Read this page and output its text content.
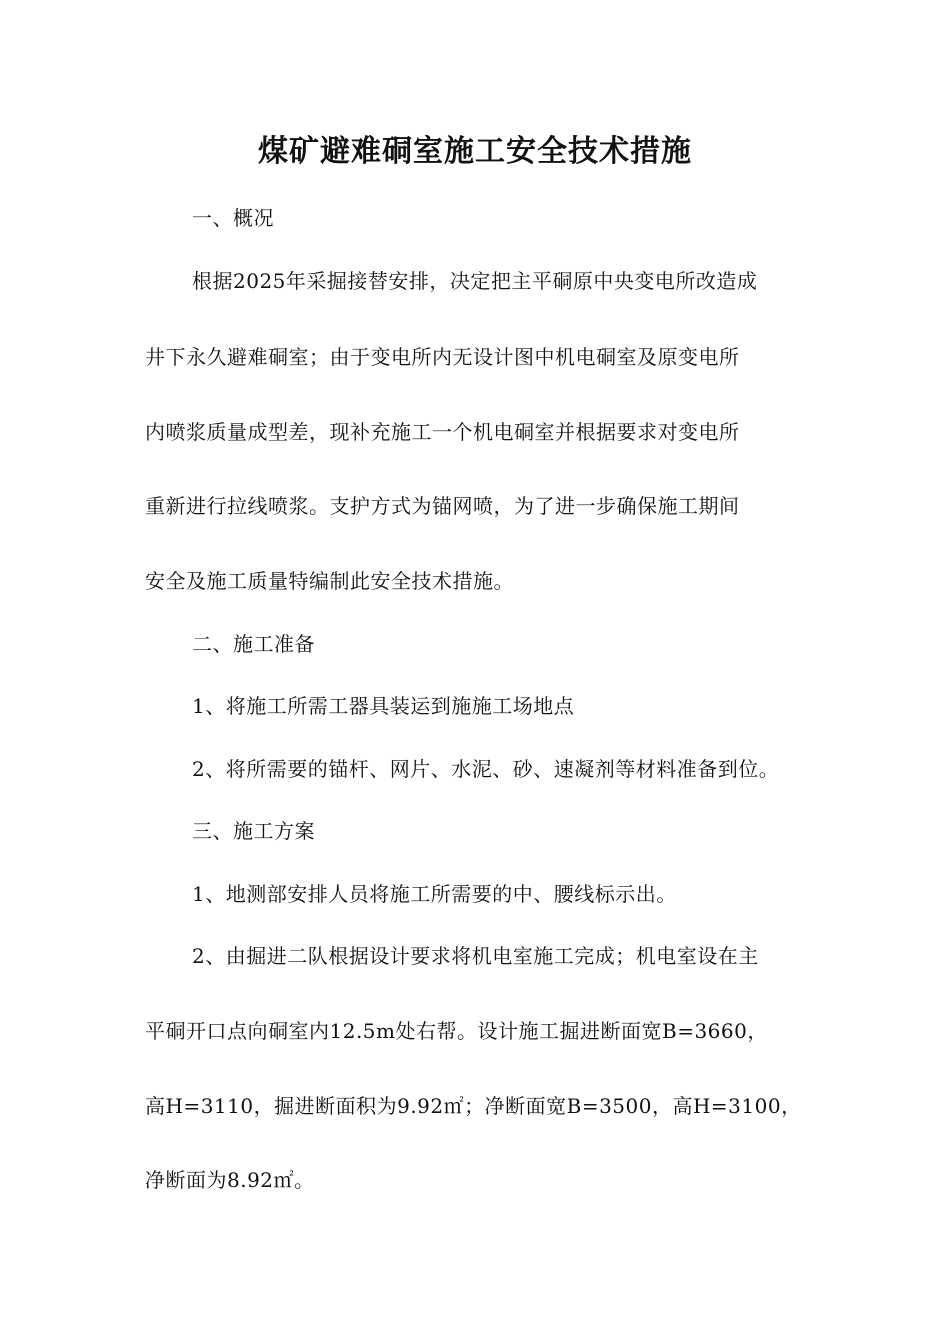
煤矿避难硐室施工安全技术措施
一、概况
根据2025年采掘接替安排，决定把主平硐原中央变电所改造成
井下永久避难硐室；由于变电所内无设计图中机电硐室及原变电所
内喷浆质量成型差，现补充施工一个机电硐室并根据要求对变电所
重新进行拉线喷浆。支护方式为锚网喷，为了进一步确保施工期间
安全及施工质量特编制此安全技术措施。
二、施工准备
1、将施工所需工器具装运到施施工场地点
2、将所需要的锚杆、网片、水泥、砂、速凝剂等材料准备到位。
三、施工方案
1、地测部安排人员将施工所需要的中、腰线标示出。
2、由掘进二队根据设计要求将机电室施工完成；机电室设在主
平硐开口点向硐室内12.5m处右帮。设计施工掘进断面宽B=3660，
高H=3110，掘进断面积为9.92㎡；净断面宽B=3500，高H=3100，
净断面为8.92㎡。
